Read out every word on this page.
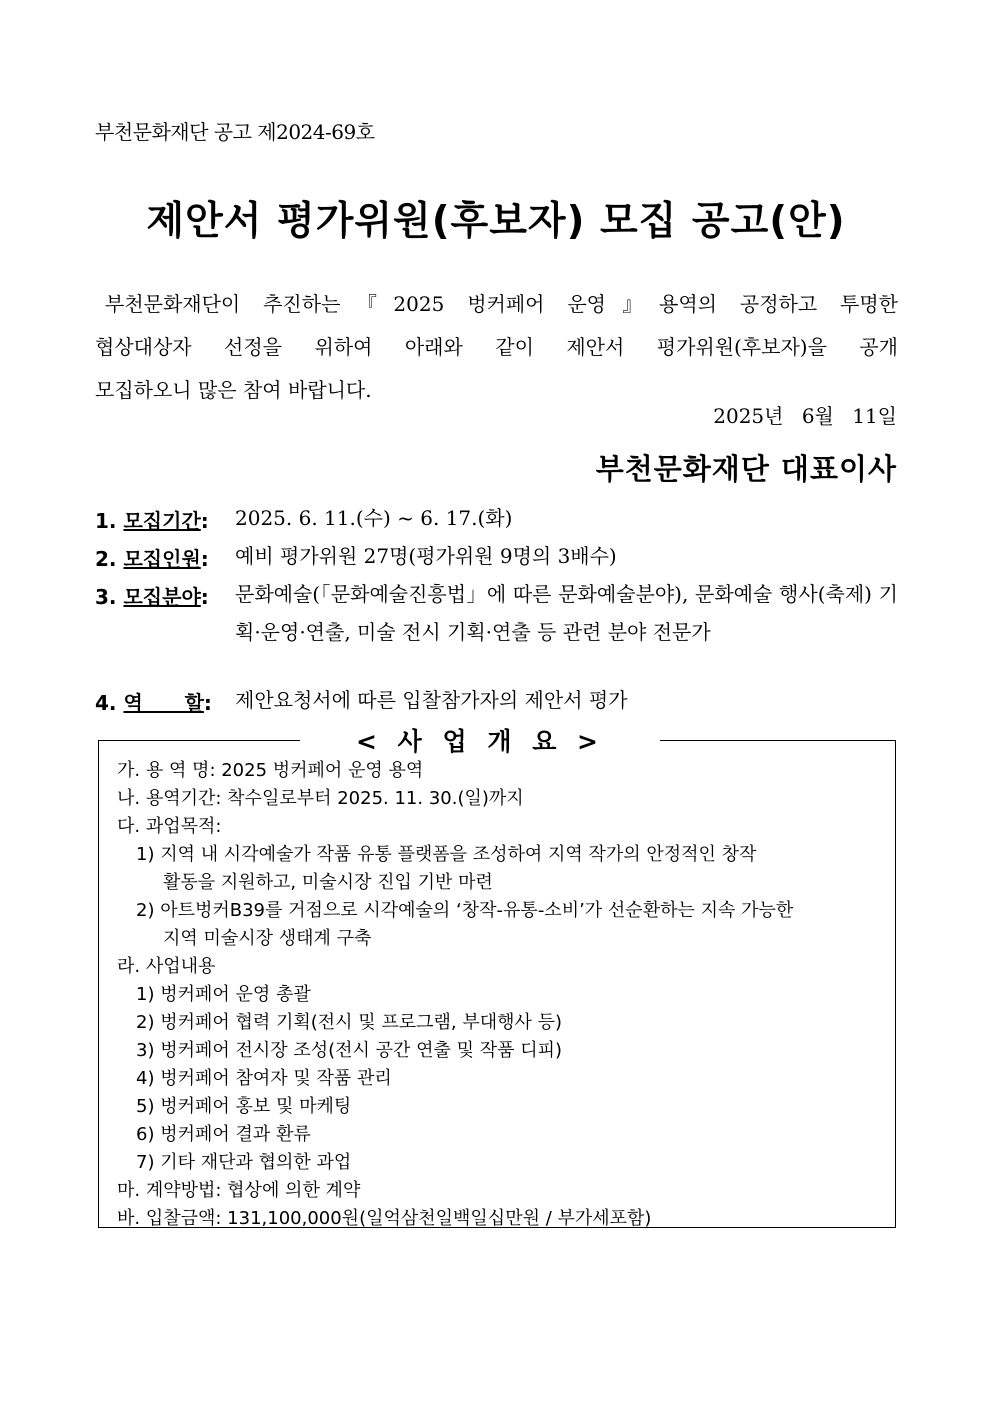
부천문화재단 공고 제2024-69호
제안서 평가위원(후보자) 모집 공고(안)
부천문화재단이 추진하는『2025 벙커페어 운영』용역의 공정하고 투명한
협상대상자 선정을 위하여 아래와 같이 제안서 평가위원(후보자)을 공개
모집하오니 많은 참여 바랍니다.
2025년 6월 11일
부천문화재단 대표이사
1. 모집기간: 2025. 6. 11.(수) ~ 6. 17.(화)
2. 모집인원: 예비 평가위원 27명(평가위원 9명의 3배수)
3. 모집분야: 문화예술(「문화예술진흥법」에 따른 문화예술분야), 문화예술 행사(축제) 기획·운영·연출, 미술 전시 기획·연출 등 관련 분야 전문가
4. 역      할: 제안요청서에 따른 입찰참가자의 제안서 평가
< 사 업 개 요 >
가. 용 역 명: 2025 벙커페어 운영 용역
나. 용역기간: 착수일로부터 2025. 11. 30.(일)까지
다. 과업목적:
1) 지역 내 시각예술가 작품 유통 플랫폼을 조성하여 지역 작가의 안정적인 창작
활동을 지원하고, 미술시장 진입 기반 마련
2) 아트벙커B39를 거점으로 시각예술의 ‘창작-유통-소비’가 선순환하는 지속 가능한
지역 미술시장 생태계 구축
라. 사업내용
1) 벙커페어 운영 총괄
2) 벙커페어 협력 기획(전시 및 프로그램, 부대행사 등)
3) 벙커페어 전시장 조성(전시 공간 연출 및 작품 디피)
4) 벙커페어 참여자 및 작품 관리
5) 벙커페어 홍보 및 마케팅
6) 벙커페어 결과 환류
7) 기타 재단과 협의한 과업
마. 계약방법: 협상에 의한 계약
바. 입찰금액: 131,100,000원(일억삼천일백일십만원 / 부가세포함)
